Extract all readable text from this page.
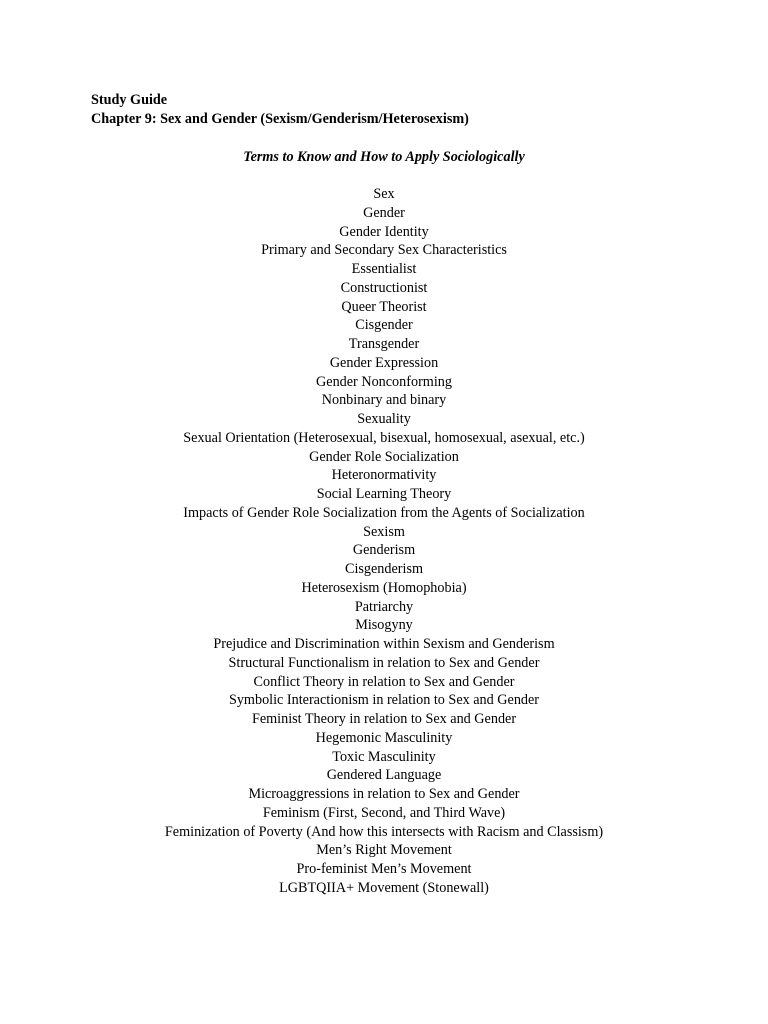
Study Guide
Chapter 9: Sex and Gender (Sexism/Genderism/Heterosexism)
Terms to Know and How to Apply Sociologically
Sex
Gender
Gender Identity
Primary and Secondary Sex Characteristics
Essentialist
Constructionist
Queer Theorist
Cisgender
Transgender
Gender Expression
Gender Nonconforming
Nonbinary and binary
Sexuality
Sexual Orientation (Heterosexual, bisexual, homosexual, asexual, etc.)
Gender Role Socialization
Heteronormativity
Social Learning Theory
Impacts of Gender Role Socialization from the Agents of Socialization
Sexism
Genderism
Cisgenderism
Heterosexism (Homophobia)
Patriarchy
Misogyny
Prejudice and Discrimination within Sexism and Genderism
Structural Functionalism in relation to Sex and Gender
Conflict Theory in relation to Sex and Gender
Symbolic Interactionism in relation to Sex and Gender
Feminist Theory in relation to Sex and Gender
Hegemonic Masculinity
Toxic Masculinity
Gendered Language
Microaggressions in relation to Sex and Gender
Feminism (First, Second, and Third Wave)
Feminization of Poverty (And how this intersects with Racism and Classism)
Men’s Right Movement
Pro-feminist Men’s Movement
LGBTQIIA+ Movement (Stonewall)
